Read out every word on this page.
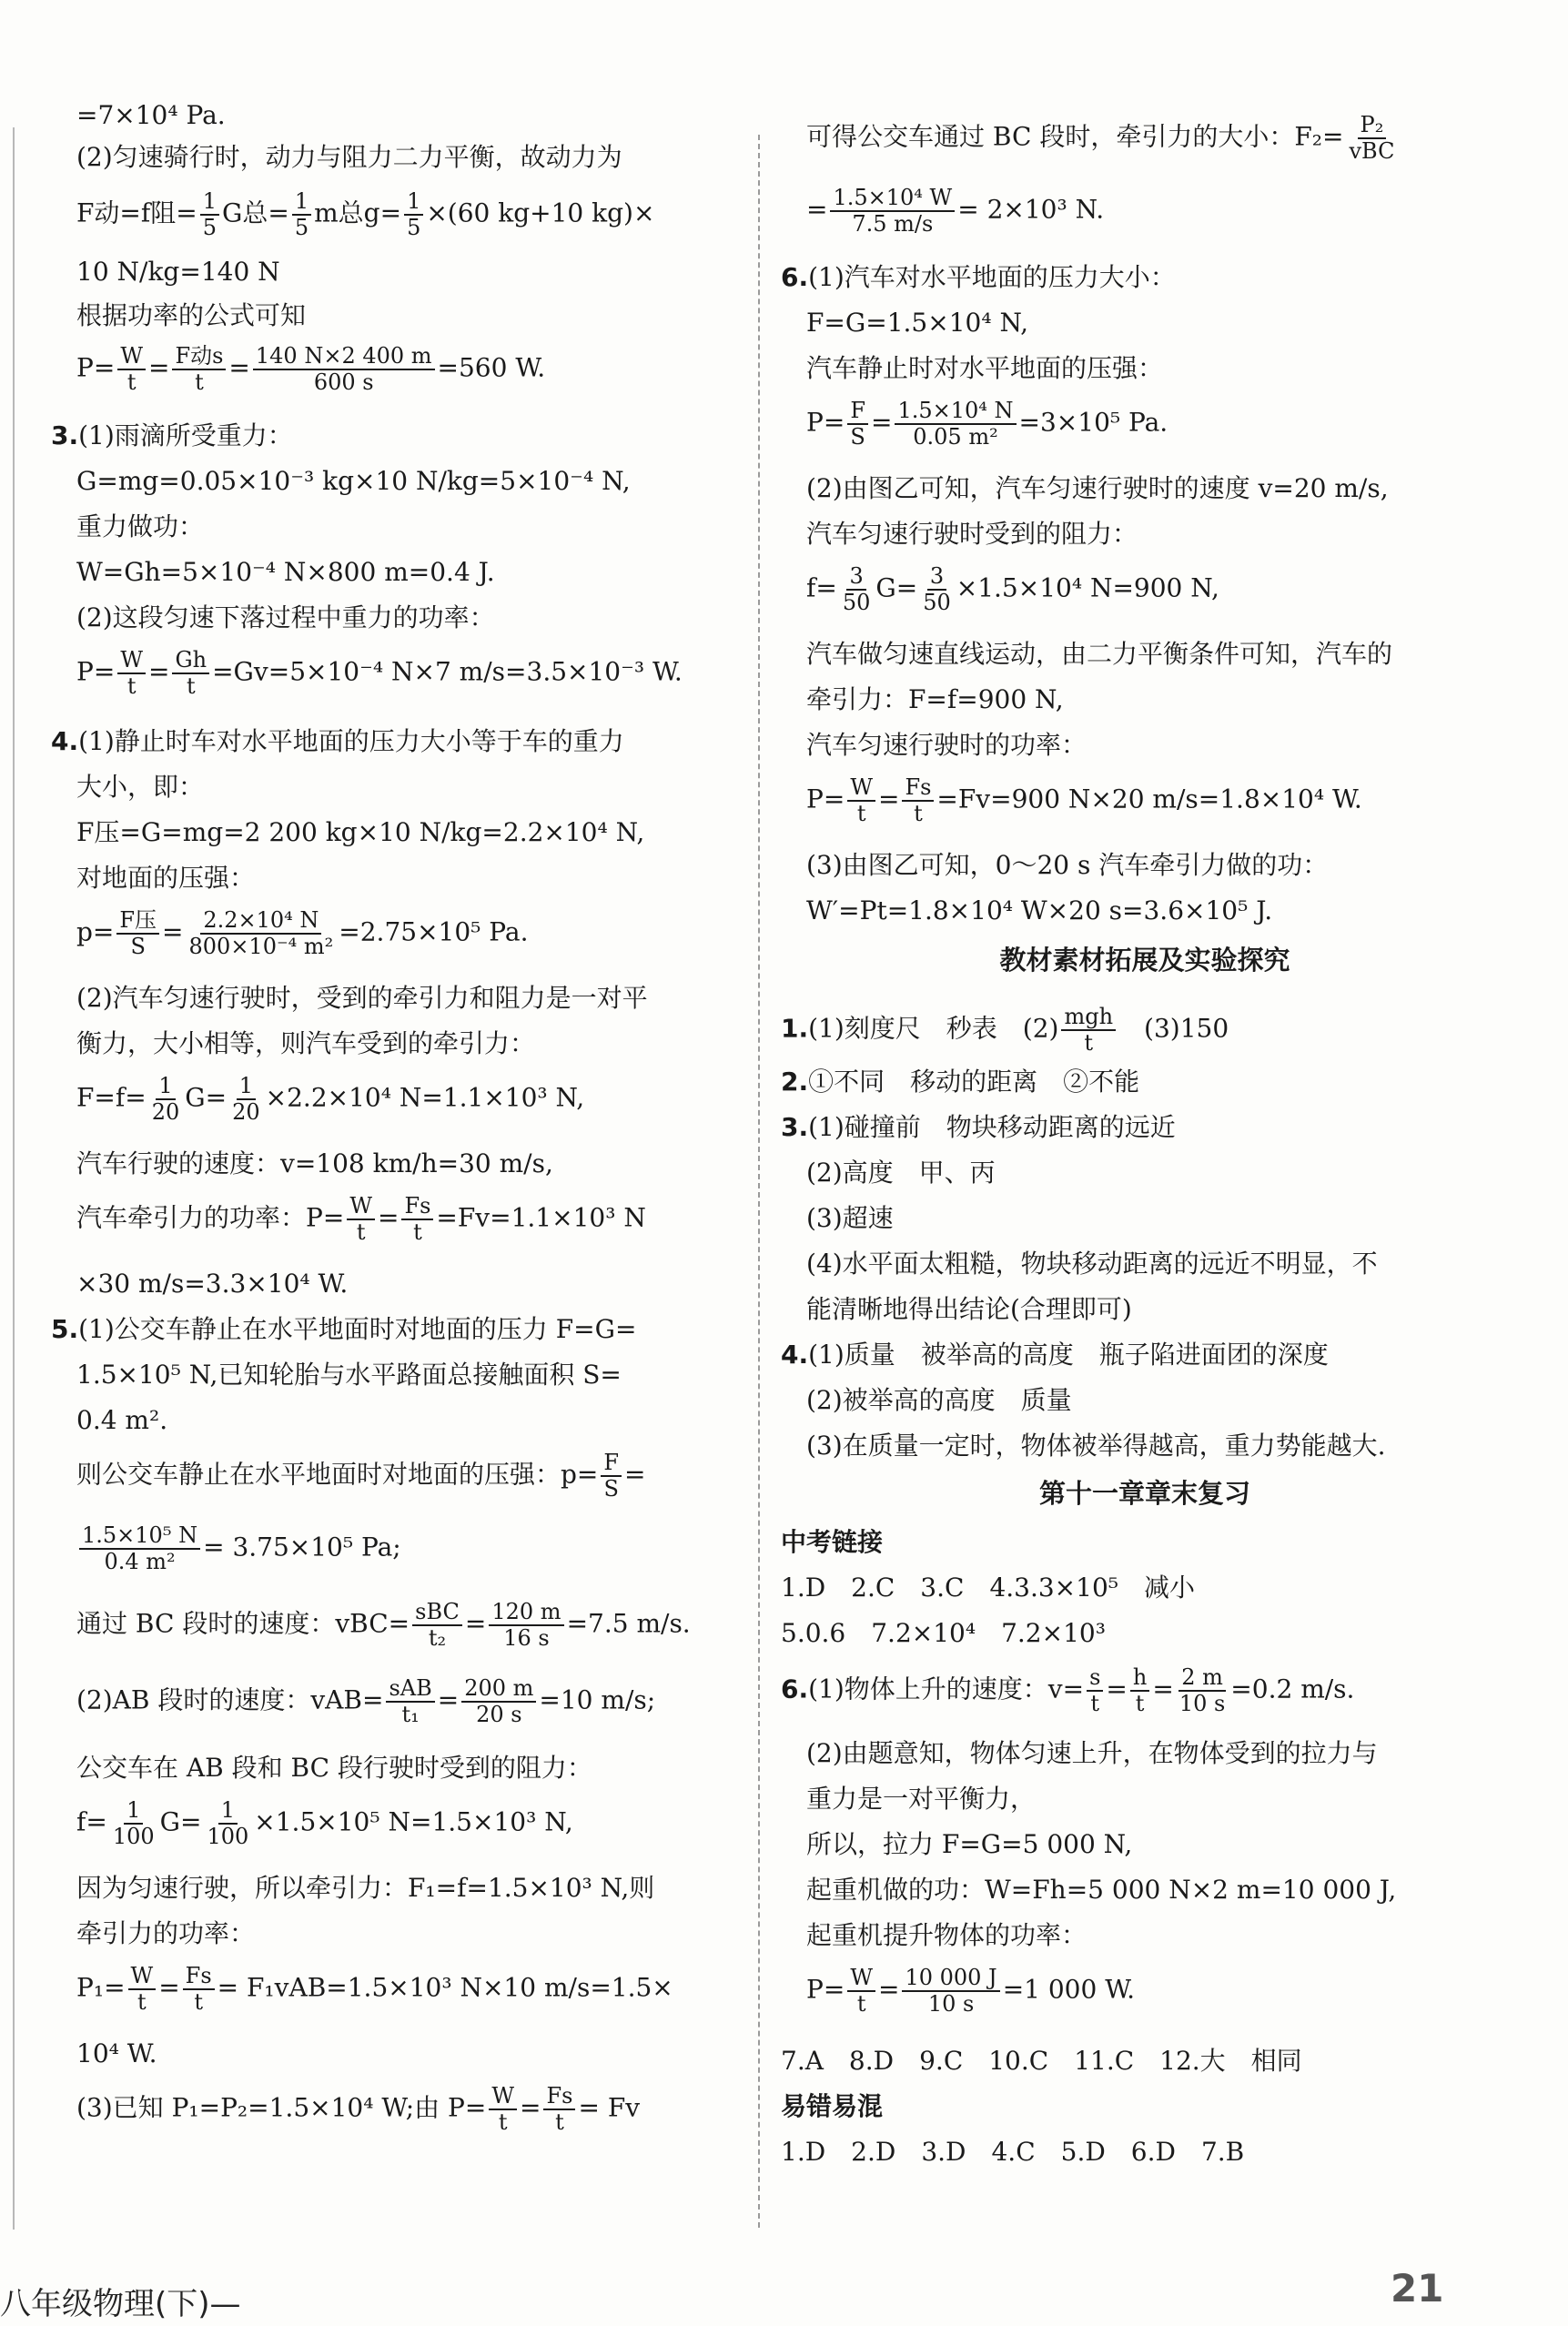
=7×10⁴ Pa.
(2)匀速骑行时，动力与阻力二力平衡，故动力为
F动=f阻= $\frac{1}{5}$ G总= $\frac{1}{5}$ m总$g= \frac{1}{5} \times(60$ kg+10 kg)×
10 N/kg=140 N
根据功率的公式可知
$P= \frac{W}{t} = \frac{\text{F动s}}{t} = \frac{140 N\times 2 400 m}{600 s} =560$ W.
3.(1)雨滴所受重力：
G=mg=0.05×10⁻³ kg×10 N/kg=5×10⁻⁴ N,
重力做功：
W=Gh=5×10⁻⁴ N×800 m=0.4 J.
(2)这段匀速下落过程中重力的功率：
$P= \frac{W}{t} = \frac{Gh}{t} =Gv=5\times 10^{-4}$ N×7 m/s=3.5×10⁻³ W.
4.(1)静止时车对水平地面的压力大小等于车的重力
大小，即：
F压=G=mg=2 200 kg×10 N/kg=2.2×10⁴ N,
对地面的压强：
$p= \frac{\text{F压}}{S} = \frac{\text{2.2×10⁴ N}}{\text{800×10⁻⁴ m²}} =2.75\times 10^5$ Pa.
(2)汽车匀速行驶时，受到的牵引力和阻力是一对平
衡力，大小相等，则汽车受到的牵引力：
$F=f= \frac{1}{20} G= \frac{1}{20} \times 2.2\times 10^4$ N=1.1×10³ N,
汽车行驶的速度：v=108 km/h=30 m/s,
汽车牵引力的功率：$P= \frac{W}{t} = \frac{Fs}{t} =Fv=1.1\times 10^3$ N
×30 m/s=3.3×10⁴ W.
5.(1)公交车静止在水平地面时对地面的压力 F=G=
1.5×10⁵ N,已知轮胎与水平路面总接触面积 S=
0.4 m².
则公交车静止在水平地面时对地面的压强：$p= \frac{F}{S}$ =
$\frac{\text{1.5×10⁵ N}}{\text{0.4 m²}} = 3.75\times 10^5$ Pa;
通过 BC 段时的速度：$vBC= \frac{\text{sBC}}{\text{t₂}} = \frac{120 m}{16 s} =7.5$ m/s.
(2)AB 段时的速度：$vAB= \frac{\text{sAB}}{\text{t₁}} = \frac{200 m}{20 s} =10$ m/s;
公交车在 AB 段和 BC 段行驶时受到的阻力：
$f= \frac{1}{100} G= \frac{1}{100} \times 1.5\times 10^5$ N=1.5×10³ N,
因为匀速行驶，所以牵引力：F₁=f=1.5×10³ N,则
牵引力的功率：
$P_1= \frac{W}{t} = \frac{Fs}{t} = F_1vAB=1.5\times 10^3$ N×10 m/s=1.5×
10⁴ W.
(3)已知 P₁=P₂=1.5×10⁴ W;由 $P= \frac{W}{t} = \frac{Fs}{t} = Fv$
可得公交车通过 BC 段时，牵引力的大小：$F_2= \frac{\text{P₂}}{\text{vBC}}$
= $\frac{\text{1.5×10⁴ W}}{7.5 m/s} = 2\times 10^3$ N.
6.(1)汽车对水平地面的压力大小：
F=G=1.5×10⁴ N,
汽车静止时对水平地面的压强：
$P= \frac{F}{S} = \frac{\text{1.5×10⁴ N}}{\text{0.05 m²}} =3\times 10^5$ Pa.
(2)由图乙可知，汽车匀速行驶时的速度 v=20 m/s,
汽车匀速行驶时受到的阻力：
$f= \frac{3}{50} G= \frac{3}{50} \times 1.5\times 10^4$ N=900 N,
汽车做匀速直线运动，由二力平衡条件可知，汽车的
牵引力：F=f=900 N,
汽车匀速行驶时的功率：
$P= \frac{W}{t} = \frac{Fs}{t} =Fv=900$ N×20 m/s=1.8×10⁴ W.
(3)由图乙可知，0～20 s 汽车牵引力做的功：
W′=Pt=1.8×10⁴ W×20 s=3.6×10⁵ J.
教材素材拓展及实验探究
1.(1)刻度尺　秒表　$(2) \frac{\text{mgh}}{t}$ 　(3)150
2.①不同　移动的距离　②不能
3.(1)碰撞前　物块移动距离的远近
(2)高度　甲、丙
(3)超速
(4)水平面太粗糙，物块移动距离的远近不明显，不
能清晰地得出结论(合理即可)
4.(1)质量　被举高的高度　瓶子陷进面团的深度
(2)被举高的高度　质量
(3)在质量一定时，物体被举得越高，重力势能越大.
第十一章章末复习
中考链接
1.D　2.C　3.C　4.3.3×10⁵　减小
5.0.6　7.2×10⁴　7.2×10³
6.(1)物体上升的速度：$v= \frac{s}{t} = \frac{h}{t} = \frac{2 m}{10 s} =0.2$ m/s.
(2)由题意知，物体匀速上升，在物体受到的拉力与
重力是一对平衡力，
所以，拉力 F=G=5 000 N,
起重机做的功：W=Fh=5 000 N×2 m=10 000 J,
起重机提升物体的功率：
$P= \frac{W}{t} = \frac{10 000 J}{10 s} =1$ 000 W.
7.A　8.D　9.C　10.C　11.C　12.大　相同
易错易混
1.D　2.D　3.D　4.C　5.D　6.D　7.B
八年级物理(下)—	21
